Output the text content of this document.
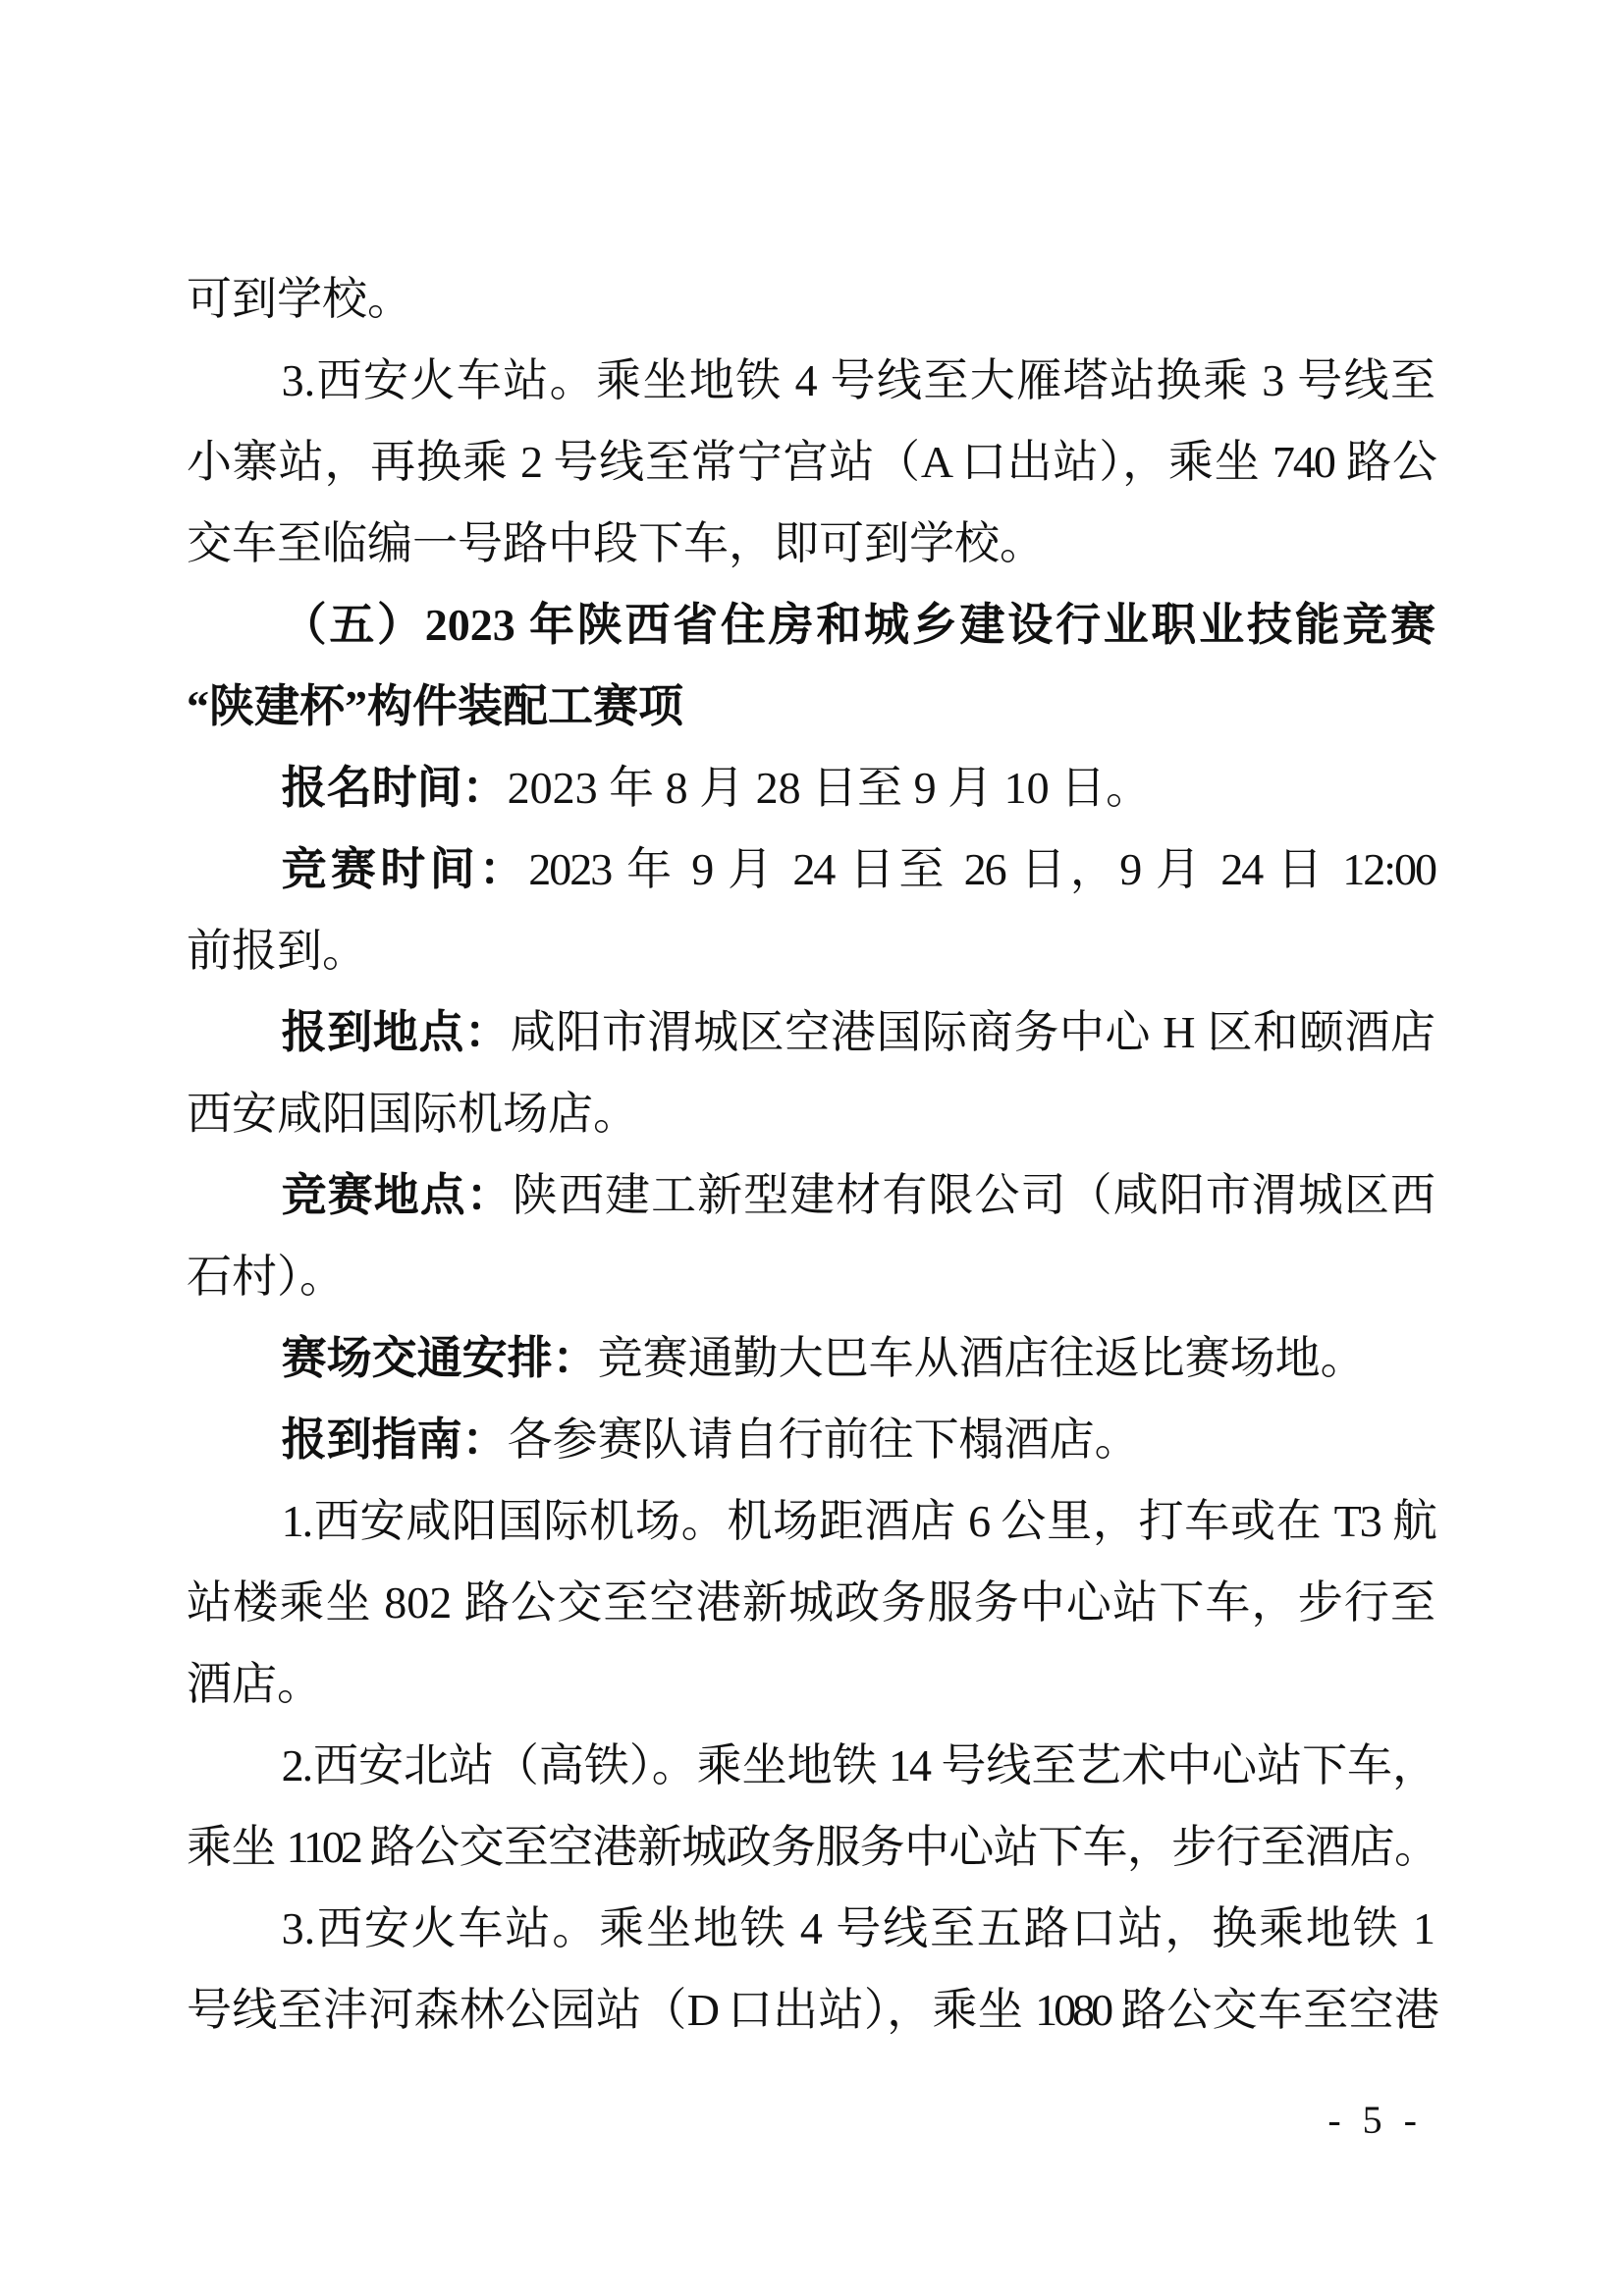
可到学校。
3.西安火车站。乘坐地铁 4 号线至大雁塔站换乘 3 号线至
小寨站，再换乘 2 号线至常宁宫站（A 口出站），乘坐 740 路公
交车至临编一号路中段下车，即可到学校。
（五）2023 年陕西省住房和城乡建设行业职业技能竞赛
“陕建杯”构件装配工赛项
报名时间：2023 年 8 月 28 日至 9 月 10 日。
竞赛时间：2023 年 9 月 24 日至 26 日，9 月 24 日 12:00
前报到。
报到地点：咸阳市渭城区空港国际商务中心 H 区和颐酒店
西安咸阳国际机场店。
竞赛地点：陕西建工新型建材有限公司（咸阳市渭城区西
石村）。
赛场交通安排：竞赛通勤大巴车从酒店往返比赛场地。
报到指南：各参赛队请自行前往下榻酒店。
1.西安咸阳国际机场。机场距酒店 6 公里，打车或在 T3 航
站楼乘坐 802 路公交至空港新城政务服务中心站下车，步行至
酒店。
2.西安北站（高铁）。乘坐地铁 14 号线至艺术中心站下车，
乘坐 1102 路公交至空港新城政务服务中心站下车，步行至酒店。
3.西安火车站。乘坐地铁 4 号线至五路口站，换乘地铁 1
号线至沣河森林公园站（D 口出站），乘坐 1080 路公交车至空港
- 5 -
